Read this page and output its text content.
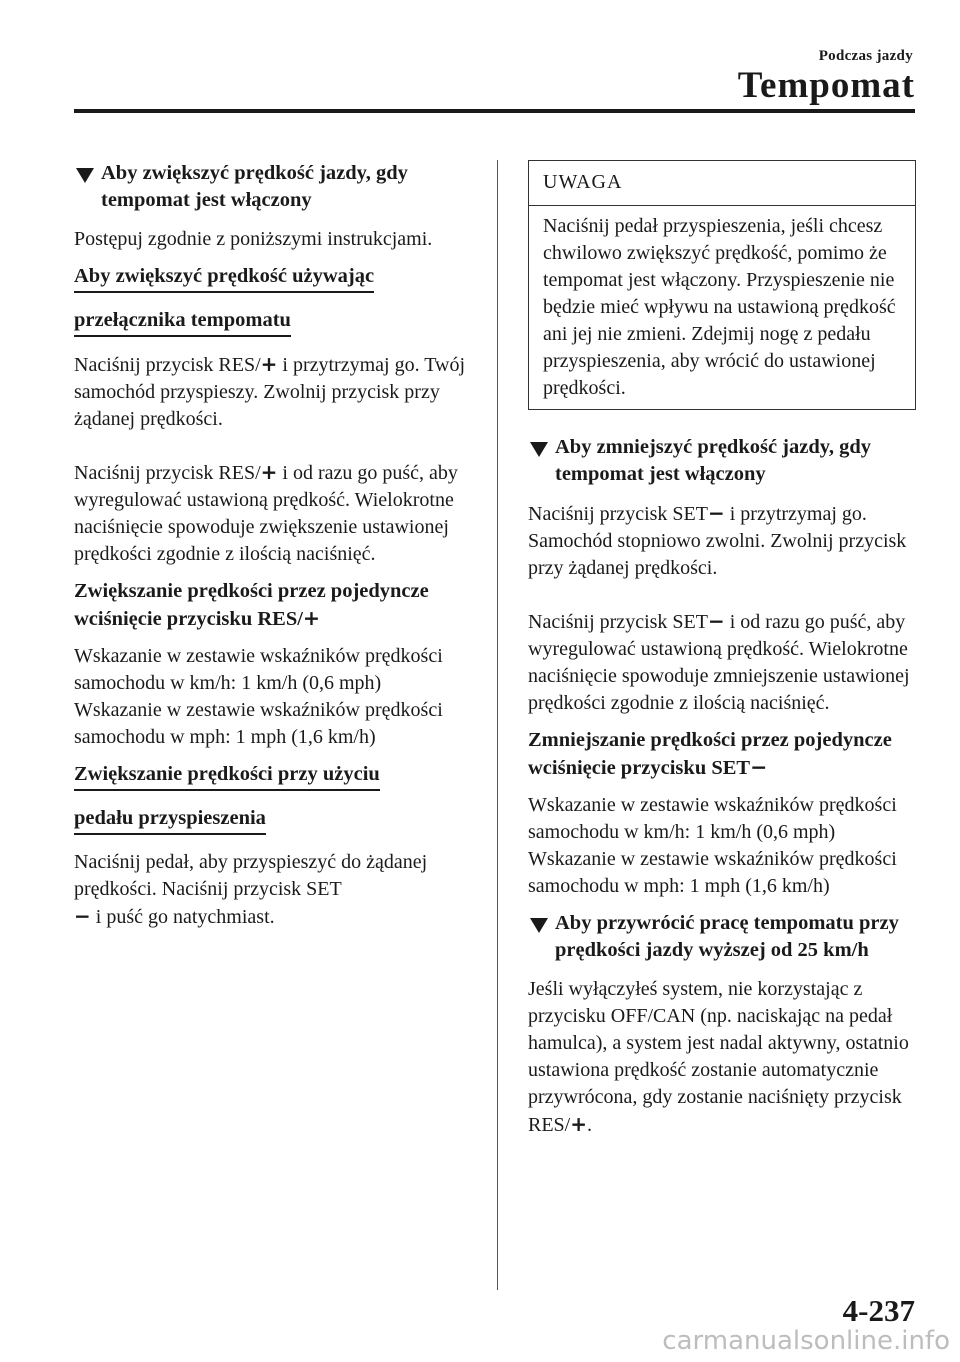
Podczas jazdy
Tempomat
Aby zwiększyć prędkość jazdy, gdy tempomat jest włączony

Postępuj zgodnie z poniższymi instrukcjami.

Aby zwiększyć prędkość używając
przełącznika tempomatu

Naciśnij przycisk RES/+ i przytrzymaj go. Twój samochód przyspieszy. Zwolnij przycisk przy żądanej prędkości.

Naciśnij przycisk RES/+ i od razu go puść, aby wyregulować ustawioną prędkość. Wielokrotne naciśnięcie spowoduje zwiększenie ustawionej prędkości zgodnie z ilością naciśnięć.

Zwiększanie prędkości przez pojedyncze wciśnięcie przycisku RES/+

Wskazanie w zestawie wskaźników prędkości samochodu w km/h: 1 km/h (0,6 mph)

Wskazanie w zestawie wskaźników prędkości samochodu w mph: 1 mph (1,6 km/h)

Zwiększanie prędkości przy użyciu
pedału przyspieszenia

Naciśnij pedał, aby przyspieszyć do żądanej prędkości. Naciśnij przycisk SET
− i puść go natychmiast.

UWAGA
Naciśnij pedał przyspieszenia, jeśli chcesz chwilowo zwiększyć prędkość, pomimo że tempomat jest włączony. Przyspieszenie nie będzie mieć wpływu na ustawioną prędkość ani jej nie zmieni. Zdejmij nogę z pedału przyspieszenia, aby wrócić do ustawionej prędkości.
Aby zmniejszyć prędkość jazdy, gdy tempomat jest włączony

Naciśnij przycisk SET− i przytrzymaj go. Samochód stopniowo zwolni. Zwolnij przycisk przy żądanej prędkości.

Naciśnij przycisk SET− i od razu go puść, aby wyregulować ustawioną prędkość. Wielokrotne naciśnięcie spowoduje zmniejszenie ustawionej prędkości zgodnie z ilością naciśnięć.

Zmniejszanie prędkości przez pojedyncze wciśnięcie przycisku SET−

Wskazanie w zestawie wskaźników prędkości samochodu w km/h: 1 km/h (0,6 mph)

Wskazanie w zestawie wskaźników prędkości samochodu w mph: 1 mph (1,6 km/h)

Aby przywrócić pracę tempomatu przy prędkości jazdy wyższej od 25 km/h

Jeśli wyłączyłeś system, nie korzystając z przycisku OFF/CAN (np. naciskając na pedał hamulca), a system jest nadal aktywny, ostatnio ustawiona prędkość zostanie automatycznie przywrócona, gdy zostanie naciśnięty przycisk RES/+.

4-237
carmanualsonline.info
